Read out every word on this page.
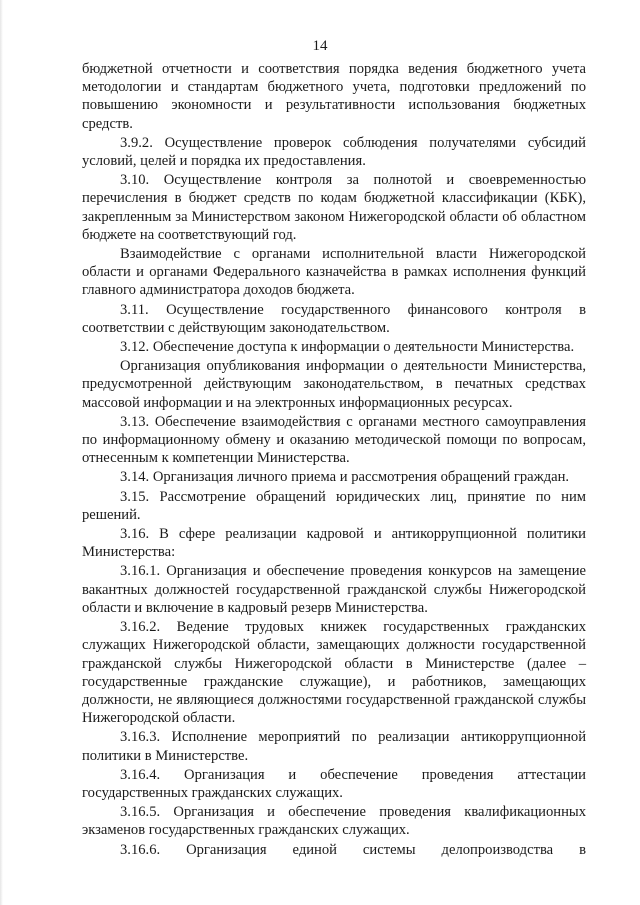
14

бюджетной отчетности и соответствия порядка ведения бюджетного учета методологии и стандартам бюджетного учета, подготовки предложений по повышению экономности и результативности использования бюджетных средств.

3.9.2. Осуществление проверок соблюдения получателями субсидий условий, целей и порядка их предоставления.

3.10. Осуществление контроля за полнотой и своевременностью перечисления в бюджет средств по кодам бюджетной классификации (КБК), закрепленным за Министерством законом Нижегородской области об областном бюджете на соответствующий год.

Взаимодействие с органами исполнительной власти Нижегородской области и органами Федерального казначейства в рамках исполнения функций главного администратора доходов бюджета.

3.11. Осуществление государственного финансового контроля в соответствии с действующим законодательством.

3.12. Обеспечение доступа к информации о деятельности Министерства.

Организация опубликования информации о деятельности Министерства, предусмотренной действующим законодательством, в печатных средствах массовой информации и на электронных информационных ресурсах.

3.13. Обеспечение взаимодействия с органами местного самоуправления по информационному обмену и оказанию методической помощи по вопросам, отнесенным к компетенции Министерства.

3.14. Организация личного приема и рассмотрения обращений граждан.

3.15. Рассмотрение обращений юридических лиц, принятие по ним решений.

3.16. В сфере реализации кадровой и антикоррупционной политики Министерства:

3.16.1. Организация и обеспечение проведения конкурсов на замещение вакантных должностей государственной гражданской службы Нижегородской области и включение в кадровый резерв Министерства.

3.16.2. Ведение трудовых книжек государственных гражданских служащих Нижегородской области, замещающих должности государственной гражданской службы Нижегородской области в Министерстве (далее – государственные гражданские служащие), и работников, замещающих должности, не являющиеся должностями государственной гражданской службы Нижегородской области.

3.16.3. Исполнение мероприятий по реализации антикоррупционной политики в Министерстве.

3.16.4. Организация и обеспечение проведения аттестации государственных гражданских служащих.

3.16.5. Организация и обеспечение проведения квалификационных экзаменов государственных гражданских служащих.

3.16.6. Организация единой системы делопроизводства в
